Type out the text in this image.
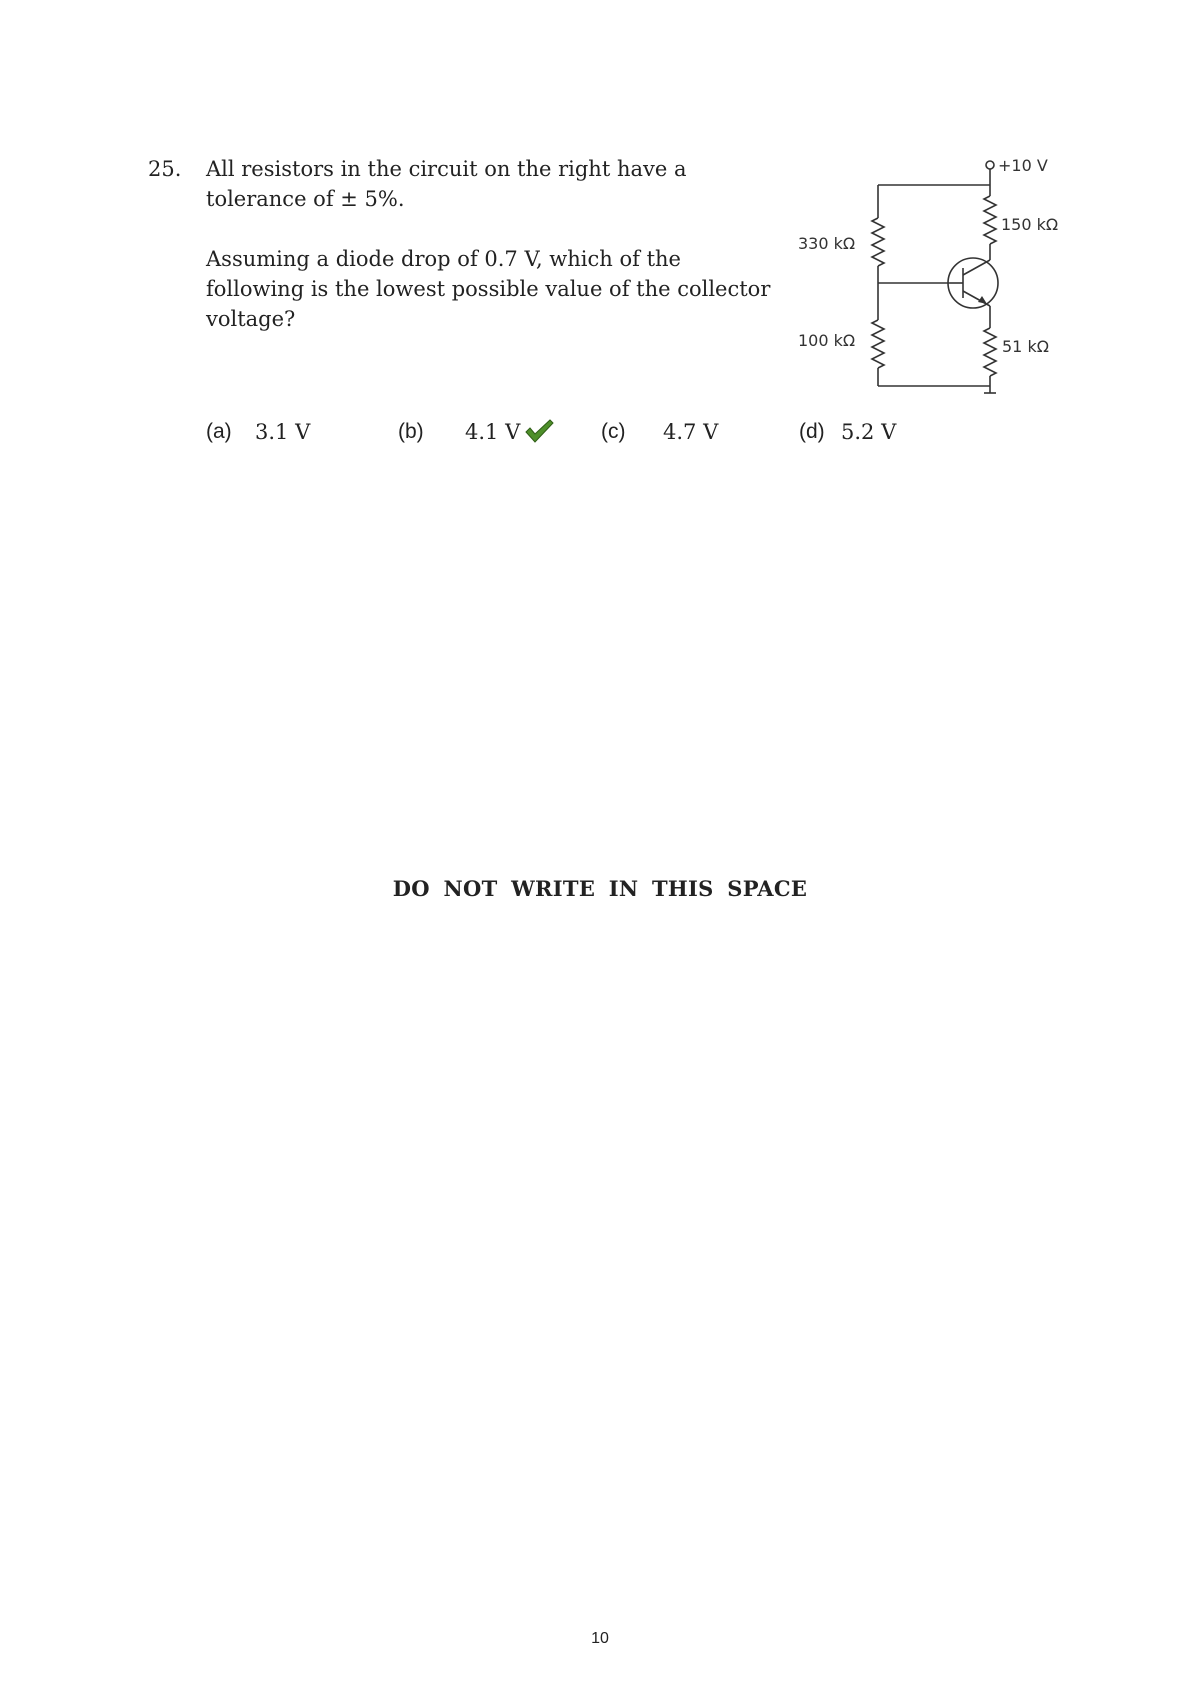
25. All resistors in the circuit on the right have a
tolerance of ± 5%.
Assuming a diode drop of 0.7 V, which of the
following is the lowest possible value of the collector
voltage?
+10 V
330 kΩ
100 kΩ
150 kΩ
51 kΩ
(a) 3.1 V	(b) 4.1 V	(c) 4.7 V	(d) 5.2 V
DO NOT WRITE IN THIS SPACE
10
